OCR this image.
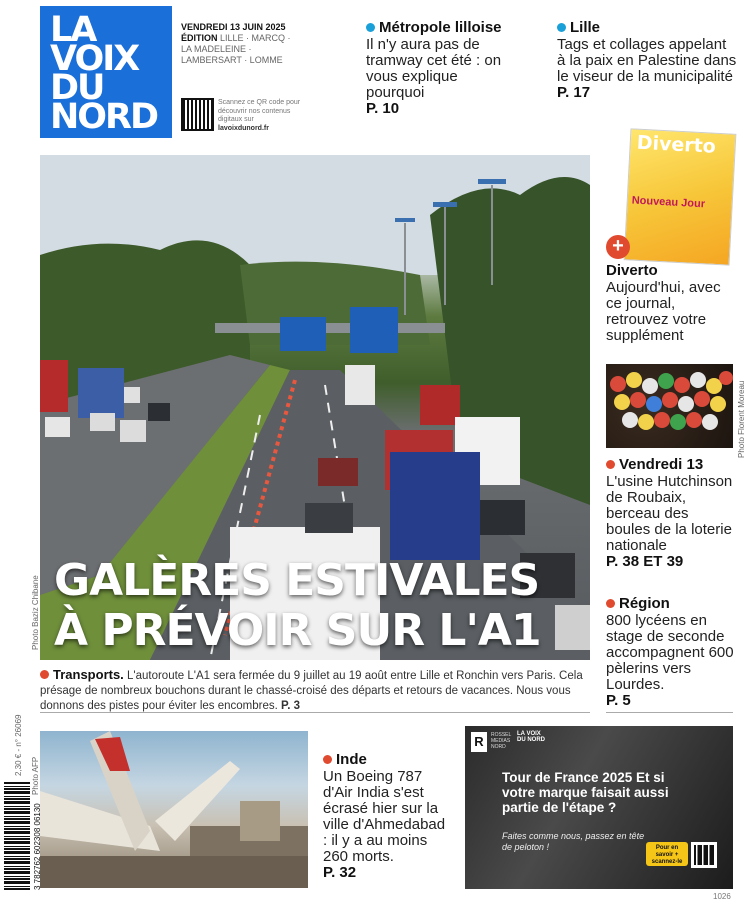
LA
VOIX
DU
NORD
VENDREDI 13 JUIN 2025
ÉDITION LILLE · MARCQ · LA MADELEINE · LAMBERSART · LOMME
Scannez ce QR code pour découvrir nos contenus digitaux sur lavoixdunord.fr
Métropole lilloise
Il n'y aura pas de tramway cet été : on vous explique pourquoi
P. 10
Lille
Tags et collages appelant à la paix en Palestine dans le viseur de la municipalité
P. 17
GALÈRES ESTIVALES
À PRÉVOIR SUR L'A1
Photo Baziz Chibane
Transports. L'autoroute L'A1 sera fermée du 9 juillet au 19 août entre Lille et Ronchin vers Paris. Cela présage de nombreux bouchons durant le chassé-croisé des départs et retours de vacances. Nous vous donnons des pistes pour éviter les encombres. P. 3
Diverto
Nouveau Jour
+
Diverto
Aujourd'hui, avec ce journal, retrouvez votre supplément
Photo Florent Moreau
Vendredi 13
L'usine Hutchinson de Roubaix, berceau des boules de la loterie nationale
P. 38 ET 39
Région
800 lycéens en stage de seconde accompagnent 600 pèlerins vers Lourdes.
P. 5
Photo AFP	Inde
Un Boeing 787 d'Air India s'est écrasé hier sur la ville d'Ahmedabad : il y a au moins 260 morts.
P. 32
R	ROSSEL MEDIAS NORD
LA VOIX DU NORD
Tour de France 2025 Et si votre marque faisait aussi partie de l'étape ?
Faites comme nous, passez en tête de peloton !	Pour en savoir + scannez-le
2,30 € - n° 26069
3 782762 602308 06130
1026
